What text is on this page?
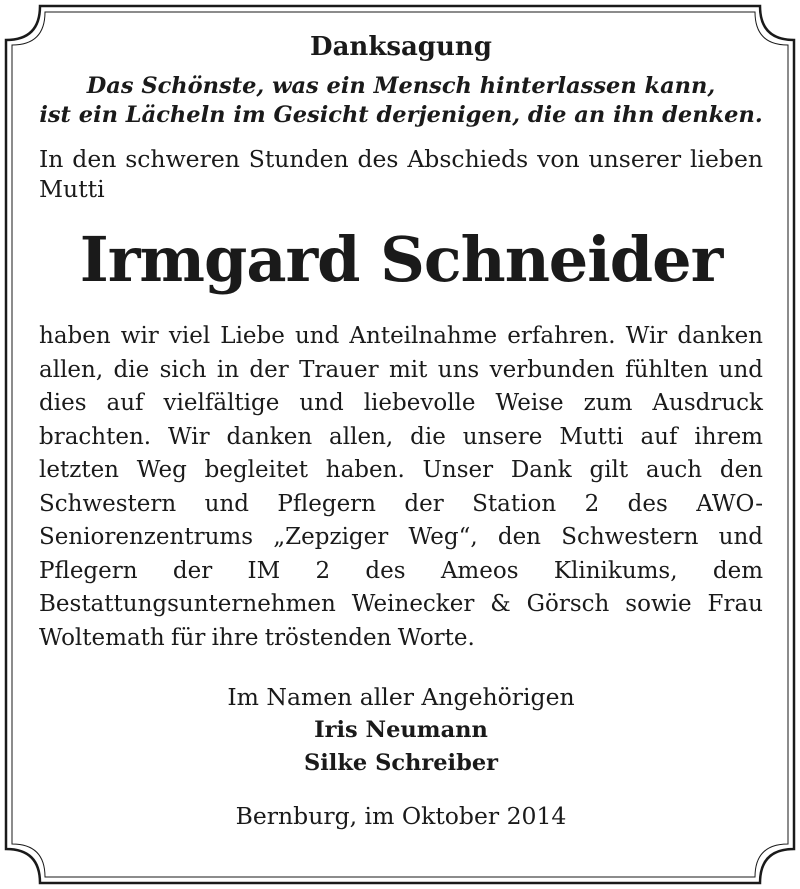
Danksagung
Das Schönste, was ein Mensch hinterlassen kann,
ist ein Lächeln im Gesicht derjenigen, die an ihn denken.
In den schweren Stunden des Abschieds von unserer lieben Mutti
Irmgard Schneider
haben wir viel Liebe und Anteilnahme erfahren. Wir danken allen, die sich in der Trauer mit uns verbunden fühlten und dies auf vielfältige und liebevolle Weise zum Ausdruck brachten. Wir danken allen, die unsere Mutti auf ihrem letzten Weg begleitet haben. Unser Dank gilt auch den Schwestern und Pflegern der Station 2 des AWO-Seniorenzentrums „Zepziger Weg“, den Schwestern und Pflegern der IM 2 des Ameos Klinikums, dem Bestattungsunternehmen Weinecker & Görsch sowie Frau Woltemath für ihre tröstenden Worte.
Im Namen aller Angehörigen
Iris Neumann
Silke Schreiber
Bernburg, im Oktober 2014
